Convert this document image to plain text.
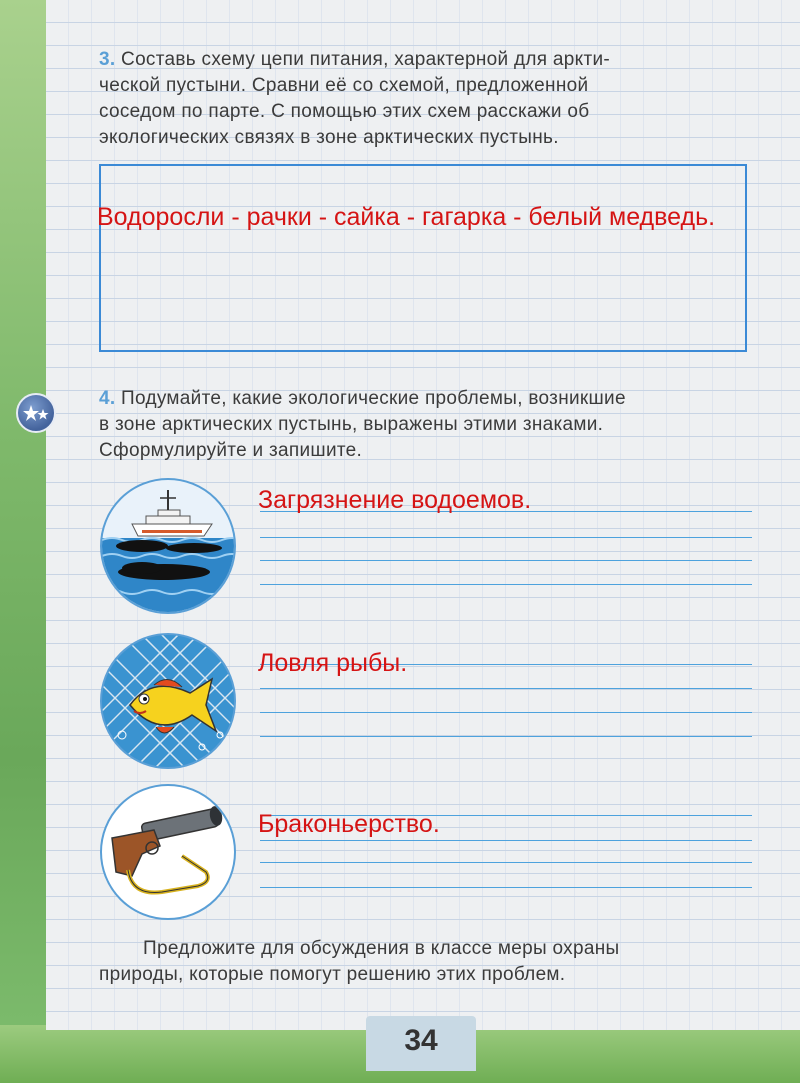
3. Составь схему цепи питания, характерной для аркти-
ческой пустыни. Сравни её со схемой, предложенной
соседом по парте. С помощью этих схем расскажи об
экологических связях в зоне арктических пустынь.
Водоросли - рачки - сайка - гагарка - белый медведь.
4. Подумайте, какие экологические проблемы, возникшие
в зоне арктических пустынь, выражены этими знаками.
Сформулируйте и запишите.
Загрязнение водоемов.
Ловля рыбы.
Браконьерство.
Предложите для обсуждения в классе меры охраны
природы, которые помогут решению этих проблем.
34
